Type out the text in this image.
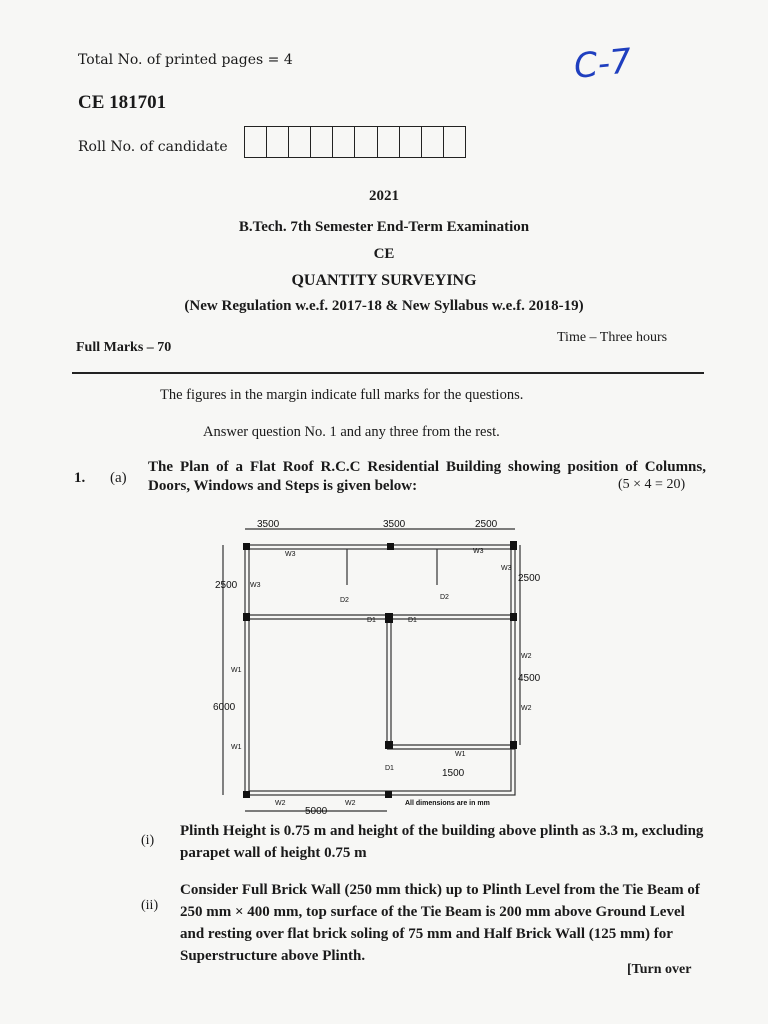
Total No. of printed pages = 4
CE 181701
C-7
Roll No. of candidate
2021
B.Tech. 7th Semester End-Term Examination
CE
QUANTITY SURVEYING
(New Regulation w.e.f. 2017-18 & New Syllabus w.e.f. 2018-19)
Full Marks – 70
Time – Three hours
The figures in the margin indicate full marks for the questions.
Answer question No. 1 and any three from the rest.
1. (a)
The Plan of a Flat Roof R.C.C Residential Building showing position of Columns, Doors, Windows and Steps is given below:	(5 × 4 = 20)
3500	3500	2500
2500
6000
2500
4500
5000
1500
W3	W3
W3
W3
D2	D2
D1	D1
D1
W1
W1
W1
W2
W2
W2	W2	All dimensions are in mm
(i)
Plinth Height is 0.75 m and height of the building above plinth as 3.3 m, excluding parapet wall of height 0.75 m
(ii)
Consider Full Brick Wall (250 mm thick) up to Plinth Level from the Tie Beam of 250 mm × 400 mm, top surface of the Tie Beam is 200 mm above Ground Level and resting over flat brick soling of 75 mm and Half Brick Wall (125 mm) for Superstructure above Plinth.
[Turn over
